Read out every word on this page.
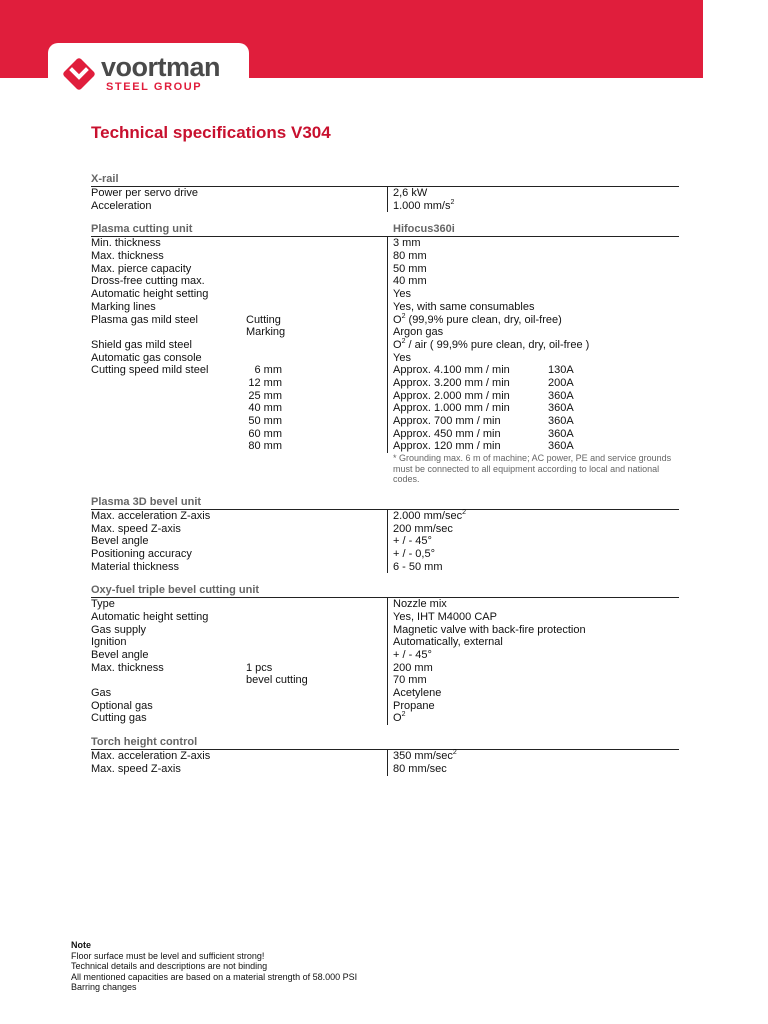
voortman
STEEL GROUP
Technical specifications V304
X-rail
Power per servo drive	2,6 kW
Acceleration	1.000 $mm/s^2$
Plasma cutting unit	Hifocus360i
Min. thickness	3 mm
Max. thickness	80 mm
Max. pierce capacity	50 mm
Dross-free cutting max.	40 mm
Automatic height setting	Yes
Marking lines	Yes, with same consumables
Plasma gas mild steel	Cutting	$O^2$ (99,9% pure clean, dry, oil-free)
Marking	Argon gas
Shield gas mild steel	$O^2$ / air ( 99,9% pure clean, dry, oil-free )
Automatic gas console	Yes
Cutting speed mild steel	6 mm	Approx. 4.100 mm / min	130A
12 mm	Approx. 3.200 mm / min	200A
25 mm	Approx. 2.000 mm / min	360A
40 mm	Approx. 1.000 mm / min	360A
50 mm	Approx. 700 mm / min	360A
60 mm	Approx. 450 mm / min	360A
80 mm	Approx. 120 mm / min	360A
* Grounding max. 6 m of machine; AC power, PE and service grounds must be connected to all equipment according to local and national codes.
Plasma 3D bevel unit
Max. acceleration Z-axis	2.000 $mm/\sec^2$
Max. speed Z-axis	200 mm/sec
Bevel angle	+ / - 45°
Positioning accuracy	+ / - 0,5°
Material thickness	6 - 50 mm
Oxy-fuel triple bevel cutting unit
Type	Nozzle mix
Automatic height setting	Yes, IHT M4000 CAP
Gas supply	Magnetic valve with back-fire protection
Ignition	Automatically, external
Bevel angle	+ / - 45°
Max. thickness	1 pcs	200 mm
bevel cutting	70 mm
Gas	Acetylene
Optional gas	Propane
Cutting gas	$O^2$
Torch height control
Max. acceleration Z-axis	350 $mm/\sec^2$
Max. speed Z-axis	80 mm/sec
Note
Floor surface must be level and sufficient strong!
Technical details and descriptions are not binding
All mentioned capacities are based on a material strength of 58.000 PSI
Barring changes
